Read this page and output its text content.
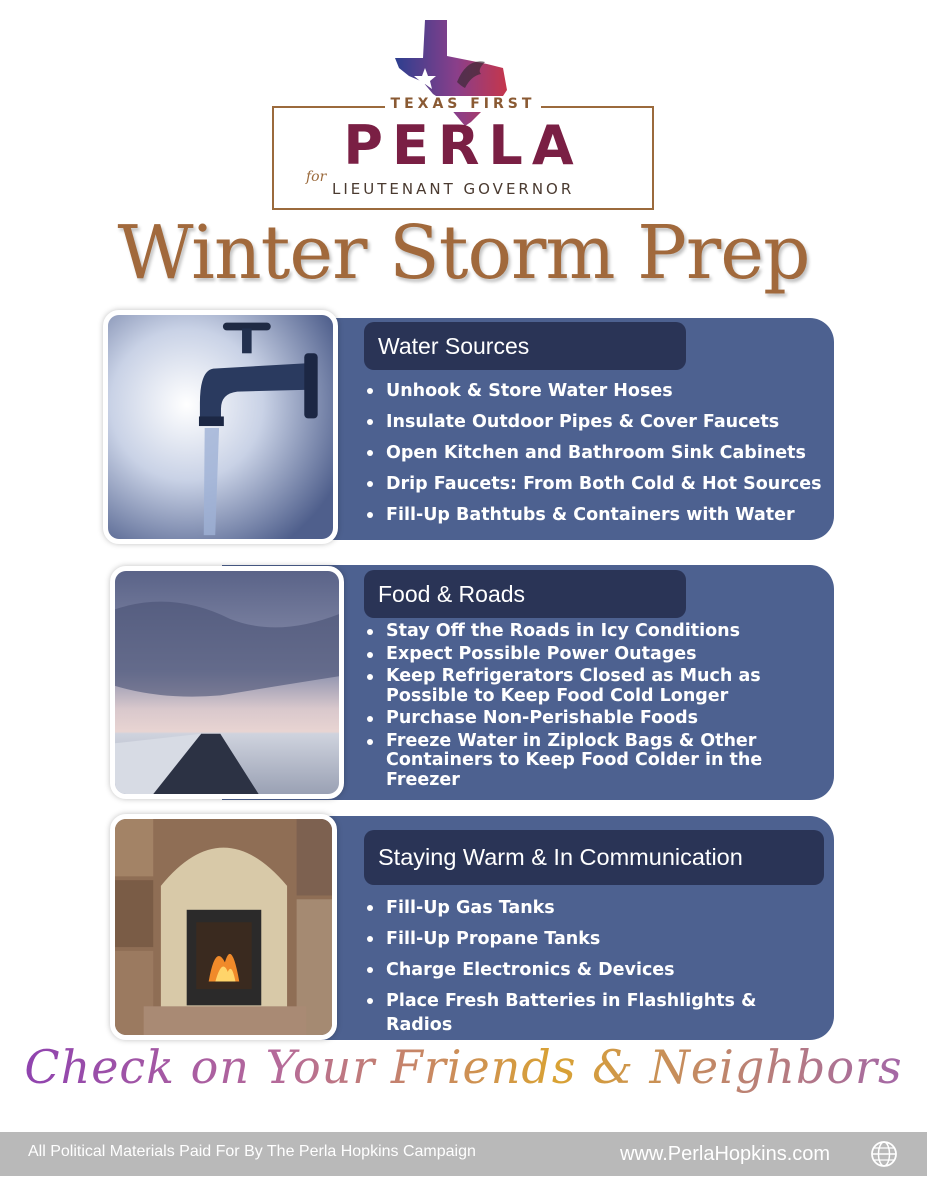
TEXAS FIRST
PERLA
for
LIEUTENANT GOVERNOR
Winter Storm Prep
Water Sources
Unhook & Store Water Hoses
Insulate Outdoor Pipes & Cover Faucets
Open Kitchen and Bathroom Sink Cabinets
Drip Faucets: From Both Cold & Hot Sources
Fill-Up Bathtubs & Containers with Water
Food & Roads
Stay Off the Roads in Icy Conditions
Expect Possible Power Outages
Keep Refrigerators Closed as Much as Possible to Keep Food Cold Longer
Purchase Non-Perishable Foods
Freeze Water in Ziplock Bags & Other Containers to Keep Food Colder in the Freezer
Staying Warm & In Communication
Fill-Up Gas Tanks
Fill-Up Propane Tanks
Charge Electronics & Devices
Place Fresh Batteries in Flashlights & Radios
Check on Your Friends & Neighbors
All Political Materials Paid For By The Perla Hopkins Campaign	www.PerlaHopkins.com
